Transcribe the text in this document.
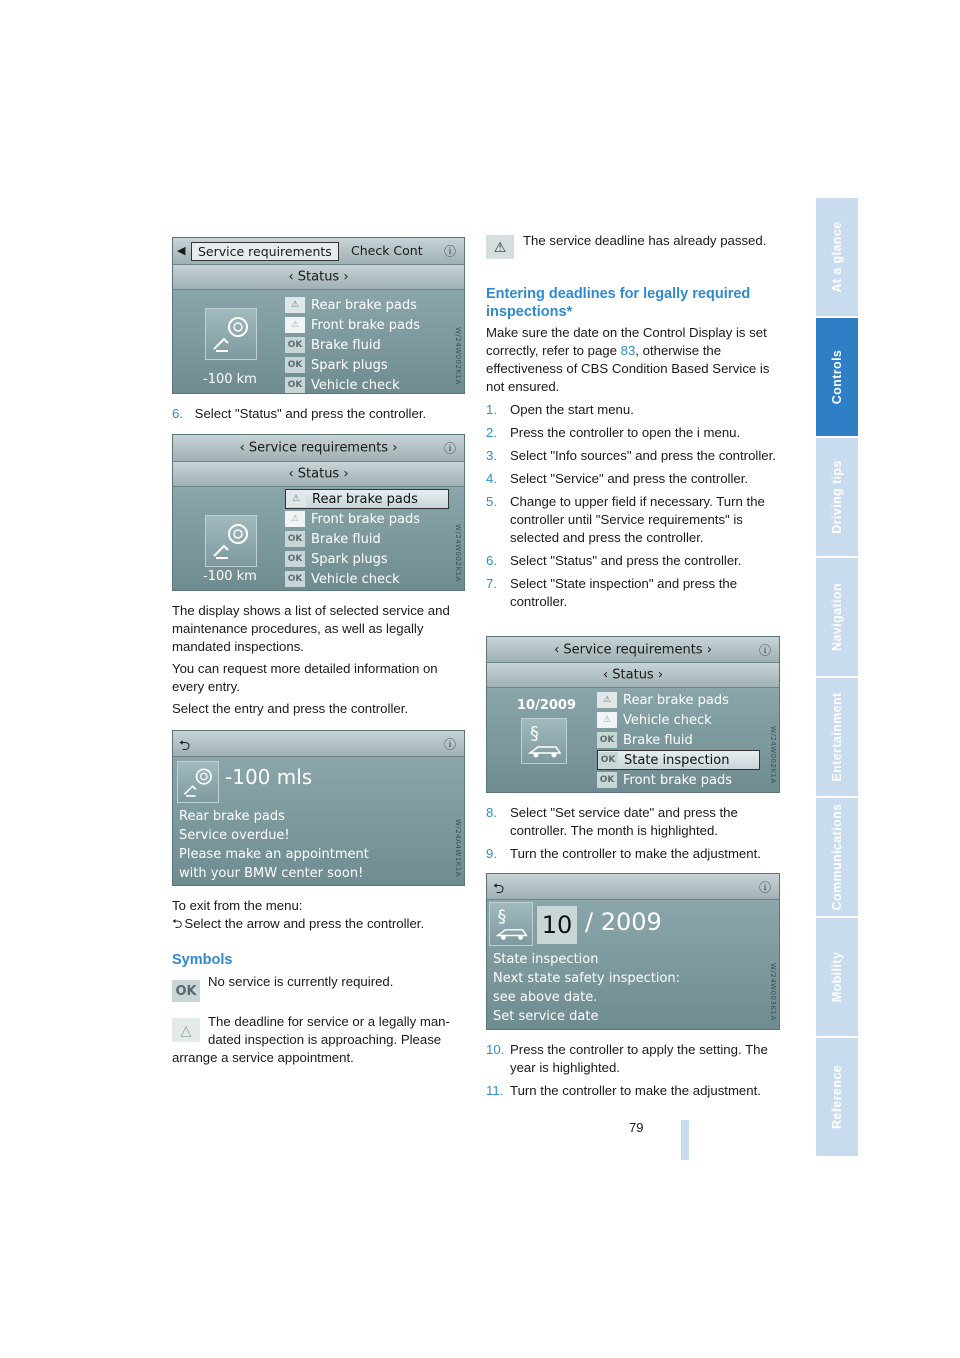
At a glance
Controls
Driving tips
Navigation
Entertainment
Communications
Mobility
Reference
◀	Service requirements	Check Cont ⓘ
‹ Status ›
-100 km
⚠ Rear brake pads
⚠ Front brake pads
OK Brake fluid
OK Spark plugs
OK Vehicle check	W/24W002K1A
6. Select "Status" and press the controller.
‹ Service requirements ›	ⓘ
‹ Status ›
-100 km
⚠ Rear brake pads
⚠ Front brake pads
OK Brake fluid
OK Spark plugs
OK Vehicle check	W/24W002K1A
The display shows a list of selected service and maintenance procedures, as well as legally mandated inspections.
You can request more detailed information on every entry.
Select the entry and press the controller.
⮌	ⓘ
-100 mls
Rear brake pads
Service overdue!
Please make an appointment
with your BMW center soon!	W/24A4W1K1A
To exit from the menu:
⮌ Select the arrow and press the controller.
Symbols
OK
No service is currently required.
△	The deadline for service or a legally man-
dated inspection is approaching. Please
arrange a service appointment.
⚠	The service deadline has already passed.
Entering deadlines for legally required
inspections*
Make sure the date on the Control Display is set correctly, refer to page 83, otherwise the effectiveness of CBS Condition Based Service is not ensured.
1. Open the start menu.
2. Press the controller to open the i menu.
3. Select "Info sources" and press the controller.
4. Select "Service" and press the controller.
5. Change to upper field if necessary. Turn the controller until "Service requirements" is selected and press the controller.
6. Select "Status" and press the controller.
7. Select "State inspection" and press the controller.
‹ Service requirements ›	ⓘ
‹ Status ›
10/2009
§
⚠ Rear brake pads
⚠ Vehicle check
OK Brake fluid
OK State inspection
OK Front brake pads	W/24W002K1A
8. Select "Set service date" and press the controller. The month is highlighted.
9. Turn the controller to make the adjustment.
⮌	ⓘ
§ 10 / 2009
State inspection
Next state safety inspection:
see above date.
Set service date	W/24W003K1A
10. Press the controller to apply the setting. The year is highlighted.
11. Turn the controller to make the adjustment.
79
